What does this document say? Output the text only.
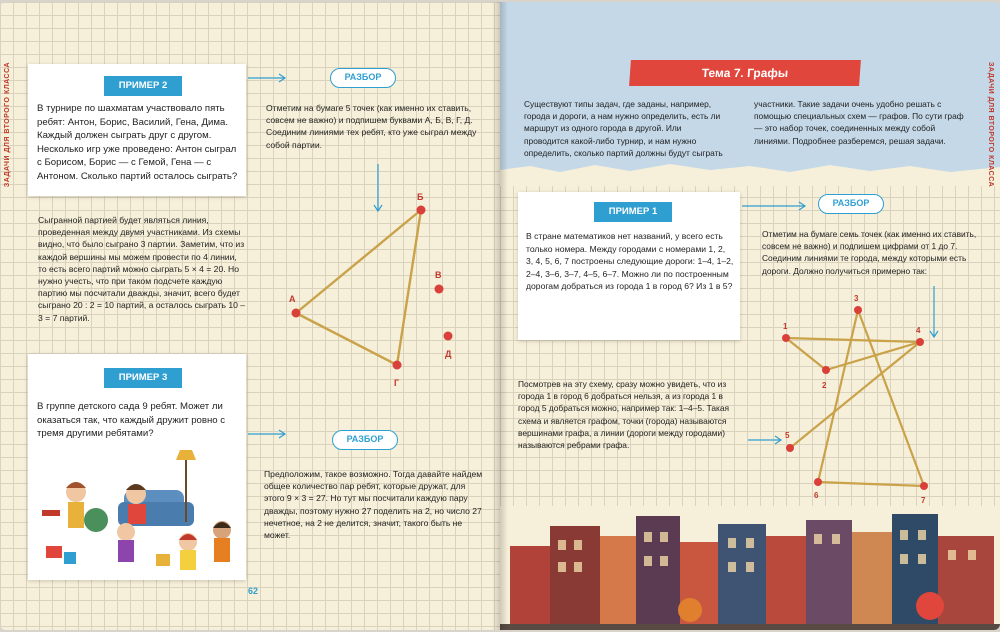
ЗАДАЧИ ДЛЯ ВТОРОГО КЛАССА	В турнире по шахматам участвовало пять ребят: Антон, Борис, Василий, Гена, Дима. Каждый должен сыграть друг с другом. Несколько игр уже проведено: Антон сыграл с Борисом, Борис — с Гемой, Гена — с Антоном. Сколько партий осталось сыграть?
ПРИМЕР 2
РАЗБОР
Отметим на бумаге 5 точек (как именно их ставить, совсем не важно) и подпишем буквами А, Б, В, Г, Д. Соединим линиями тех ребят, кто уже сыграл между собой партии.
А
Б
В
Г
Д
Сыгранной партией будет являться линия, проведенная между двумя участниками. Из схемы видно, что было сыграно 3 партии. Заметим, что из каждой вершины мы можем провести по 4 линии, то есть всего партий можно сыграть 5 × 4 = 20. Но нужно учесть, что при таком подсчете каждую партию мы посчитали дважды, значит, всего будет сыграно 20 : 2 = 10 партий, а осталось сыграть 10 – 3 = 7 партий.
В группе детского сада 9 ребят. Может ли оказаться так, что каждый дружит ровно с тремя другими ребятами?
ПРИМЕР 3
РАЗБОР
Предположим, такое возможно. Тогда давайте найдем общее количество пар ребят, которые дружат, для этого 9 × 3 = 27. Но тут мы посчитали каждую пару дважды, поэтому нужно 27 поделить на 2, но число 27 нечетное, на 2 не делится, значит, такого быть не может.
62
Тема 7. Графы	ЗАДАЧИ ДЛЯ ВТОРОГО КЛАССА
Существуют типы задач, где заданы, например, города и дороги, а нам нужно определить, есть ли маршрут из одного города в другой. Или проводится какой-либо турнир, и нам нужно определить, сколько партий должны будут сыграть
участники. Такие задачи очень удобно решать с помощью специальных схем — графов. По сути граф — это набор точек, соединенных между собой линиями. Подробнее разберемся, решая задачи.
В стране математиков нет названий, у всего есть только номера. Между городами с номерами 1, 2, 3, 4, 5, 6, 7 построены следующие дороги: 1–4, 1–2, 2–4, 3–6, 3–7, 4–5, 6–7. Можно ли по построенным дорогам добраться из города 1 в город 6? Из 1 в 5?
ПРИМЕР 1
РАЗБОР
Отметим на бумаге семь точек (как именно их ставить, совсем не важно) и подпишем цифрами от 1 до 7. Соединим линиями те города, между которыми есть дороги. Должно получиться примерно так:
Посмотрев на эту схему, сразу можно увидеть, что из города 1 в город 6 добраться нельзя, а из города 1 в город 5 добраться можно, например так: 1–4–5. Такая схема и является графом, точки (города) называются вершинами графа, а линии (дороги между городами) называются ребрами графа.
1
2
3
4
5
6
7
